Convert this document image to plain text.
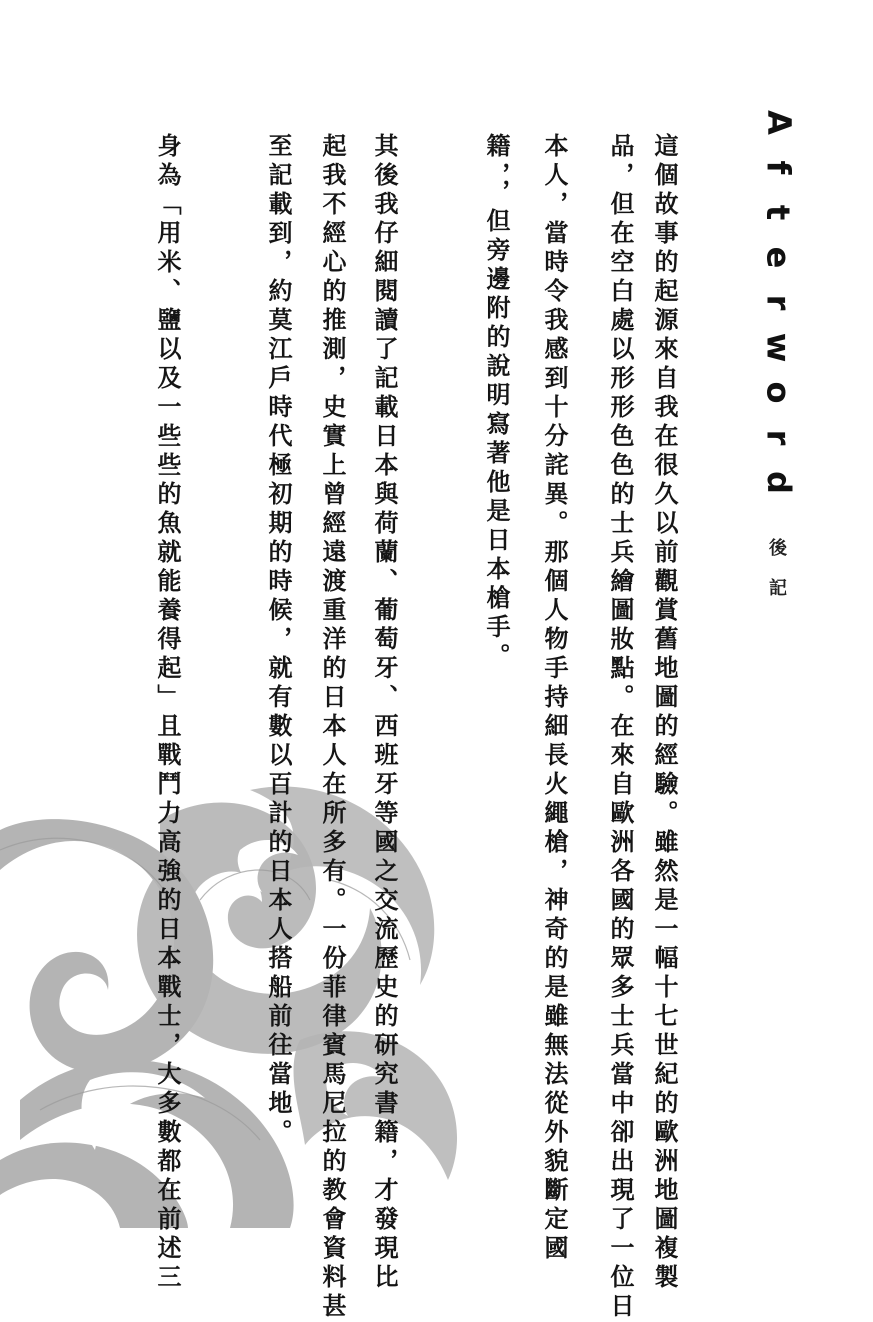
A
f
t
e
r
w
o
r
d
後記
這個故事的起源來自我在很久以前觀賞舊地圖的經驗。雖然是一幅十七世紀的歐洲地圖複製
品，但在空白處以形形色色的士兵繪圖妝點。在來自歐洲各國的眾多士兵當中卻出現了一位日
本人，當時令我感到十分詫異。那個人物手持細長火繩槍，神奇的是雖無法從外貌斷定國
籍，，但旁邊附的說明寫著他是日本槍手。
其後我仔細閱讀了記載日本與荷蘭、葡萄牙、西班牙等國之交流歷史的研究書籍，才發現比
起我不經心的推測，史實上曾經遠渡重洋的日本人在所多有。一份菲律賓馬尼拉的教會資料甚
至記載到，約莫江戶時代極初期的時候，就有數以百計的日本人搭船前往當地。
身為「用米、鹽以及一些些的魚就能養得起」且戰鬥力高強的日本戰士，大多數都在前述三
